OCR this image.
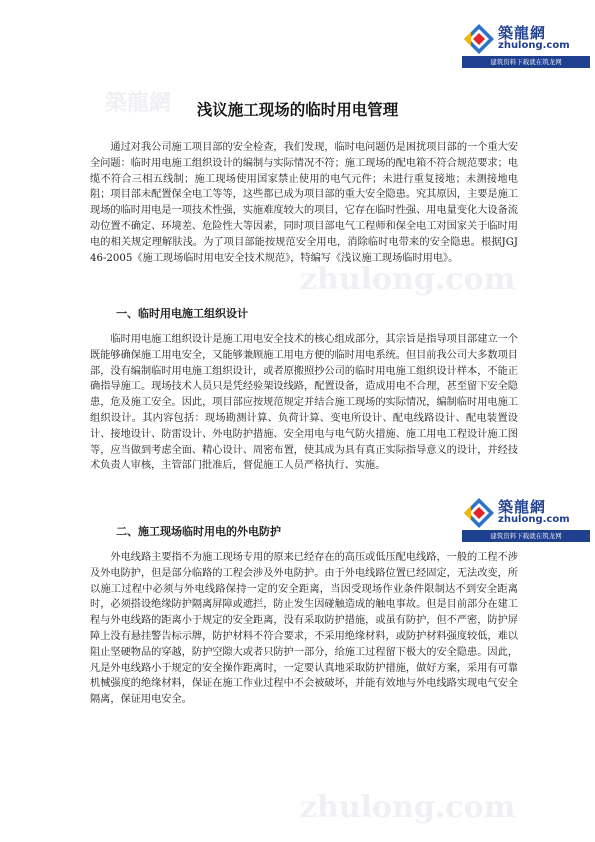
築龍網
zhulong.com
zhulong.com
築龍網
zhulong.com
建筑资料下载就在筑龙网
築龍網
zhulong.com
建筑资料下载就在筑龙网
浅议施工现场的临时用电管理

通过对我公司施工项目部的安全检查，我们发现，临时电问题仍是困扰项目部的一个重大安全问题：临时用电施工组织设计的编制与实际情况不符；施工现场的配电箱不符合规范要求；电缆不符合三相五线制；施工现场使用国家禁止使用的电气元件；未进行重复接地；未测接地电阻；项目部未配置保全电工等等，这些都已成为项目部的重大安全隐患。究其原因，主要是施工现场的临时用电是一项技术性强，实施难度较大的项目，它存在临时性强、用电量变化大设备流动位置不确定、环境差、危险性大等因素，同时项目部电气工程师和保全电工对国家关于临时用电的相关规定理解肤浅。为了项目部能按规范安全用电，消除临时电带来的安全隐患。根据JGJ46-2005《施工现场临时用电安全技术规范》，特编写《浅议施工现场临时用电》。

一、临时用电施工组织设计

临时用电施工组织设计是施工用电安全技术的核心组成部分，其宗旨是指导项目部建立一个既能够确保施工用电安全，又能够兼顾施工用电方便的临时用电系统。但目前我公司大多数项目部，没有编制临时用电施工组织设计，或者原搬照抄公司的临时用电施工组织设计样本，不能正确指导施工。现场技术人员只是凭经验架设线路，配置设备，造成用电不合理，甚至留下安全隐患，危及施工安全。因此，项目部应按规范规定并结合施工现场的实际情况，编制临时用电施工组织设计。其内容包括：现场勘测计算、负荷计算、变电所设计、配电线路设计、配电装置设计、接地设计、防雷设计、外电防护措施、安全用电与电气防火措施、施工用电工程设计施工图等，应当做到考虑全面、精心设计、周密布置，使其成为具有真正实际指导意义的设计，并经技术负责人审核，主管部门批准后，督促施工人员严格执行、实施。

二、施工现场临时用电的外电防护

外电线路主要指不为施工现场专用的原来已经存在的高压或低压配电线路，一般的工程不涉及外电防护，但是部分临路的工程会涉及外电防护。由于外电线路位置已经固定，无法改变，所以施工过程中必须与外电线路保持一定的安全距离，当因受现场作业条件限制达不到安全距离时，必须搭设绝缘防护隔离屏障或遮拦，防止发生因碰触造成的触电事故。但是目前部分在建工程与外电线路的距离小于规定的安全距离，没有采取防护措施，或虽有防护，但不严密，防护屏障上没有悬挂警告标示牌，防护材料不符合要求，不采用绝缘材料，或防护材料强度较低，难以阻止坚硬物品的穿越，防护空隙大或者只防护一部分，给施工过程留下极大的安全隐患。因此，凡是外电线路小于规定的安全操作距离时，一定要认真地采取防护措施，做好方案，采用有可靠机械强度的绝缘材料，保证在施工作业过程中不会被破坏，并能有效地与外电线路实现电气安全隔离，保证用电安全。
